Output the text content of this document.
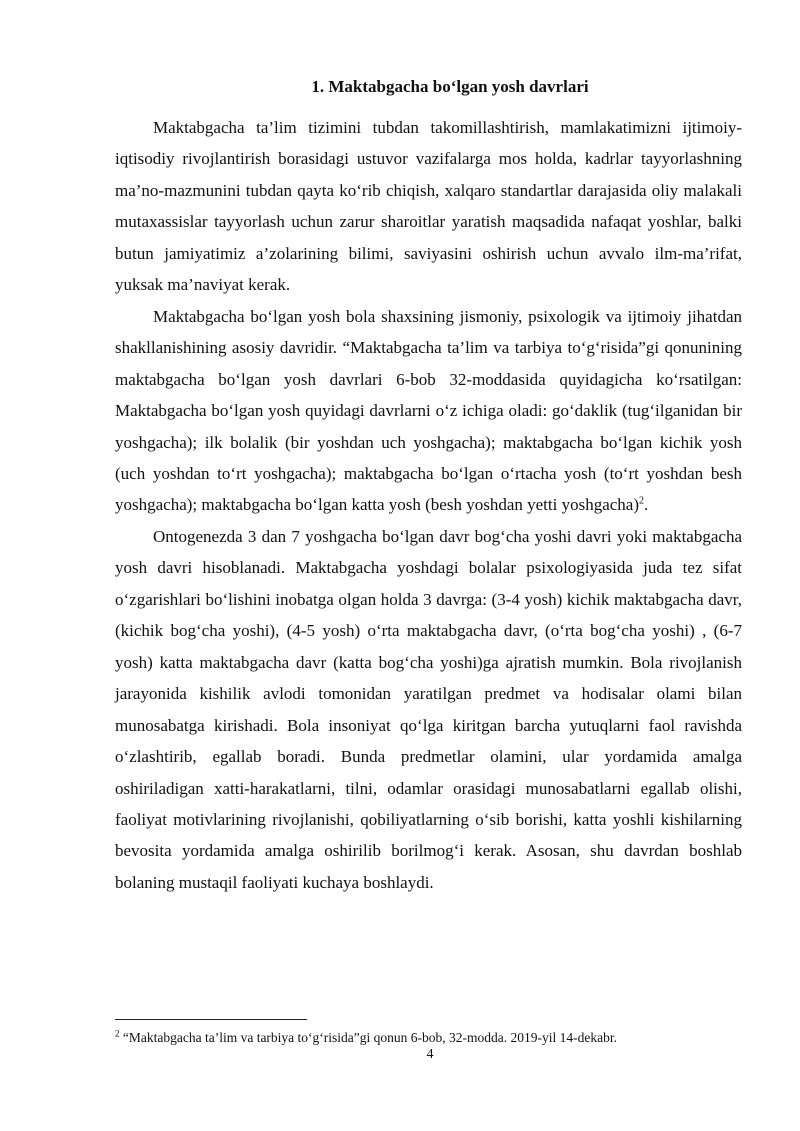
1. Maktabgacha bo‘lgan yosh davrlari

Maktabgacha ta’lim tizimini tubdan takomillashtirish, mamlakatimizni ijtimoiy-iqtisodiy rivojlantirish borasidagi ustuvor vazifalarga mos holda, kadrlar tayyorlashning ma’no-mazmunini tubdan qayta ko‘rib chiqish, xalqaro standartlar darajasida oliy malakali mutaxassislar tayyorlash uchun zarur sharoitlar yaratish maqsadida nafaqat yoshlar, balki butun jamiyatimiz a’zolarining bilimi, saviyasini oshirish uchun avvalo ilm-ma’rifat, yuksak ma’naviyat kerak.

Maktabgacha bo‘lgan yosh bola shaxsining jismoniy, psixologik va ijtimoiy jihatdan shakllanishining asosiy davridir. “Maktabgacha ta’lim va tarbiya to‘g‘risida”gi qonunining maktabgacha bo‘lgan yosh davrlari 6-bob 32-moddasida quyidagicha ko‘rsatilgan: Maktabgacha bo‘lgan yosh quyidagi davrlarni o‘z ichiga oladi: go‘daklik (tug‘ilganidan bir yoshgacha); ilk bolalik (bir yoshdan uch yoshgacha); maktabgacha bo‘lgan kichik yosh (uch yoshdan to‘rt yoshgacha); maktabgacha bo‘lgan o‘rtacha yosh (to‘rt yoshdan besh yoshgacha); maktabgacha bo‘lgan katta yosh (besh yoshdan yetti yoshgacha)$^2$.

Ontogenezda 3 dan 7 yoshgacha bo‘lgan davr bog‘cha yoshi davri yoki maktabgacha yosh davri hisoblanadi. Maktabgacha yoshdagi bolalar psixologiyasida juda tez sifat o‘zgarishlari bo‘lishini inobatga olgan holda 3 davrga: (3-4 yosh) kichik maktabgacha davr, (kichik bog‘cha yoshi), (4-5 yosh) o‘rta maktabgacha davr, (o‘rta bog‘cha yoshi) , (6-7 yosh) katta maktabgacha davr (katta bog‘cha yoshi)ga ajratish mumkin. Bola rivojlanish jarayonida kishilik avlodi tomonidan yaratilgan predmet va hodisalar olami bilan munosabatga kirishadi. Bola insoniyat qo‘lga kiritgan barcha yutuqlarni faol ravishda o‘zlashtirib, egallab boradi. Bunda predmetlar olamini, ular yordamida amalga oshiriladigan xatti-harakatlarni, tilni, odamlar orasidagi munosabatlarni egallab olishi, faoliyat motivlarining rivojlanishi, qobiliyatlarning o‘sib borishi, katta yoshli kishilarning bevosita yordamida amalga oshirilib borilmog‘i kerak. Asosan, shu davrdan boshlab bolaning mustaqil faoliyati kuchaya boshlaydi.

$^2$ “Maktabgacha ta’lim va tarbiya to‘g‘risida”gi qonun 6-bob, 32-modda. 2019-yil 14-dekabr.

4
